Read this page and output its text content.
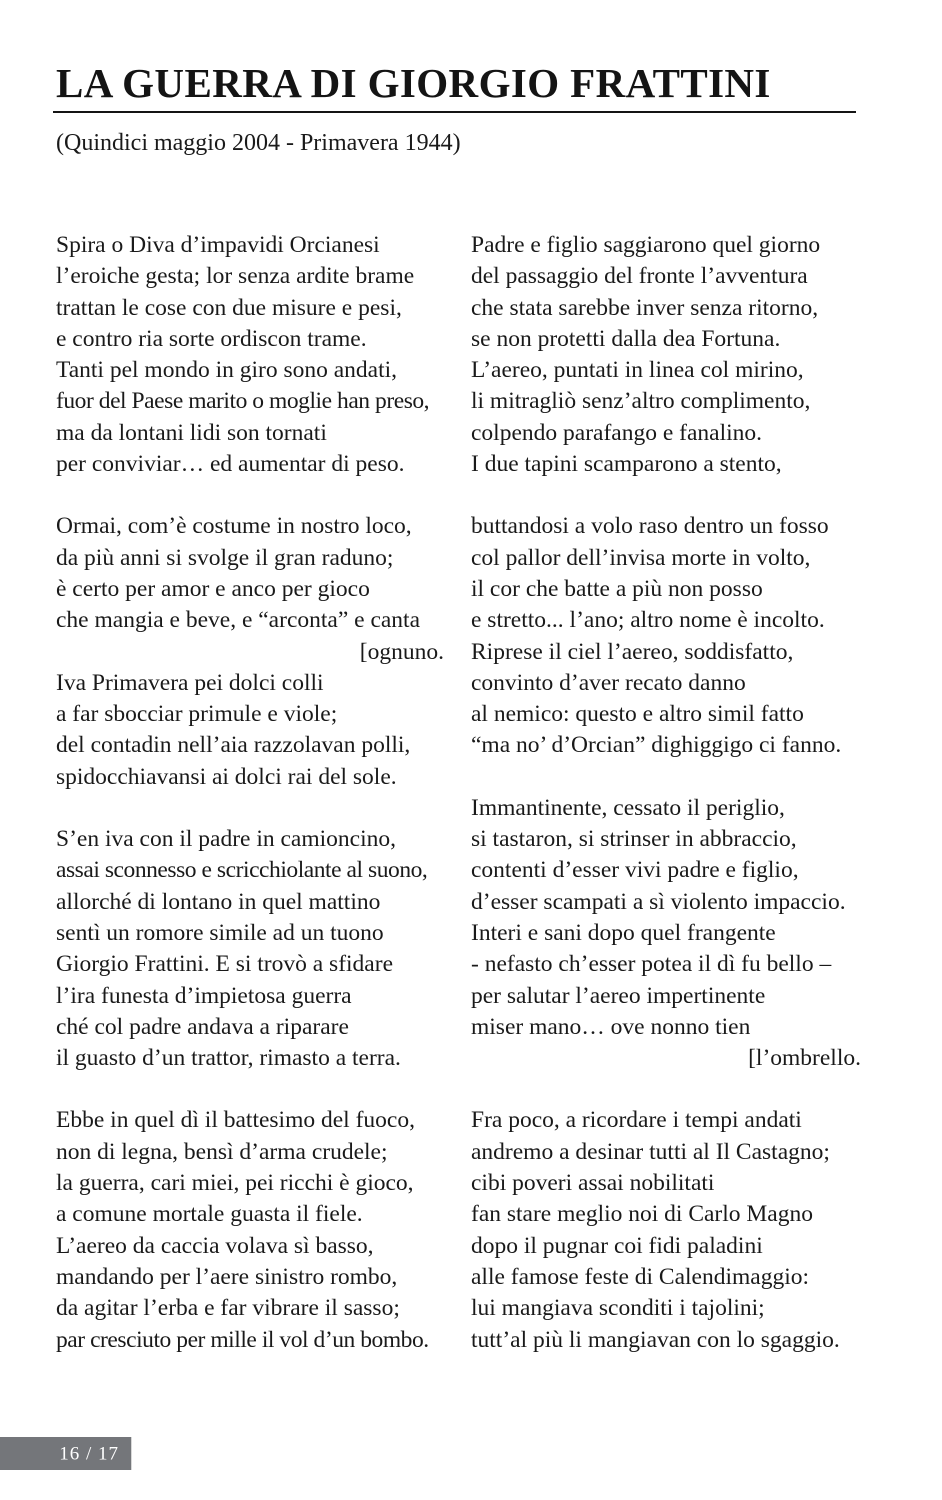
LA GUERRA DI GIORGIO FRATTINI
(Quindici maggio 2004 - Primavera 1944)
Spira o Diva d’impavidi Orcianesi
l’eroiche gesta; lor senza ardite brame
trattan le cose con due misure e pesi,
e contro ria sorte ordiscon trame.
Tanti pel mondo in giro sono andati,
fuor del Paese marito o moglie han preso,
ma da lontani lidi son tornati
per conviviar… ed aumentar di peso.
Ormai, com’è costume in nostro loco,
da più anni si svolge il gran raduno;
è certo per amor e anco per gioco
che mangia e beve, e “arconta” e canta
[ognuno.
Iva Primavera pei dolci colli
a far sbocciar primule e viole;
del contadin nell’aia razzolavan polli,
spidocchiavansi ai dolci rai del sole.
S’en iva con il padre in camioncino,
assai sconnesso e scricchiolante al suono,
allorché di lontano in quel mattino
sentì un romore simile ad un tuono
Giorgio Frattini. E si trovò a sfidare
l’ira funesta d’impietosa guerra
ché col padre andava a riparare
il guasto d’un trattor, rimasto a terra.
Ebbe in quel dì il battesimo del fuoco,
non di legna, bensì d’arma crudele;
la guerra, cari miei, pei ricchi è gioco,
a comune mortale guasta il fiele.
L’aereo da caccia volava sì basso,
mandando per l’aere sinistro rombo,
da agitar l’erba e far vibrare il sasso;
par cresciuto per mille il vol d’un bombo.
Padre e figlio saggiarono quel giorno
del passaggio del fronte l’avventura
che stata sarebbe inver senza ritorno,
se non protetti dalla dea Fortuna.
L’aereo, puntati in linea col mirino,
li mitragliò senz’altro complimento,
colpendo parafango e fanalino.
I due tapini scamparono a stento,
buttandosi a volo raso dentro un fosso
col pallor dell’invisa morte in volto,
il cor che batte a più non posso
e stretto... l’ano; altro nome è incolto.
Riprese il ciel l’aereo, soddisfatto,
convinto d’aver recato danno
al nemico: questo e altro simil fatto
“ma no’ d’Orcian” dighiggigo ci fanno.
Immantinente, cessato il periglio,
si tastaron, si strinser in abbraccio,
contenti d’esser vivi padre e figlio,
d’esser scampati a sì violento impaccio.
Interi e sani dopo quel frangente
- nefasto ch’esser potea il dì fu bello –
per salutar l’aereo impertinente
miser mano… ove nonno tien
[l’ombrello.
Fra poco, a ricordare i tempi andati
andremo a desinar tutti al Il Castagno;
cibi poveri assai nobilitati
fan stare meglio noi di Carlo Magno
dopo il pugnar coi fidi paladini
alle famose feste di Calendimaggio:
lui mangiava sconditi i tajolini;
tutt’al più li mangiavan con lo sgaggio.
16 / 17
